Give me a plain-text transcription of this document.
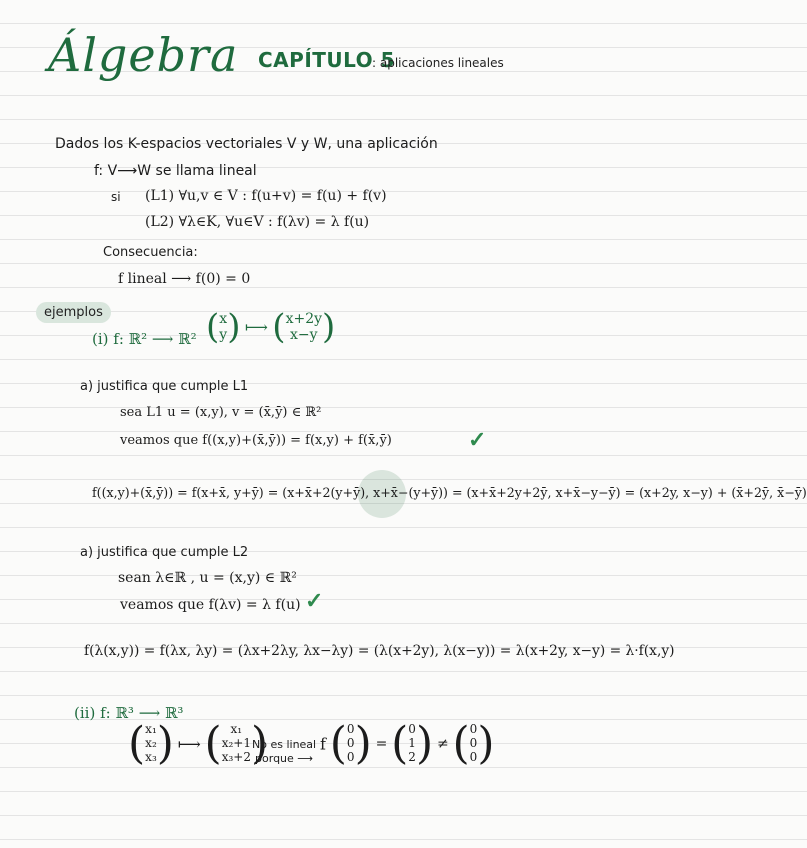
Álgebra CAPÍTULO 5
: aplicaciones lineales
Dados los K-espacios vectoriales V y W, una aplicación
f: V⟶W se llama lineal
si (L1) ∀u,v ∈ V : f(u+v) = f(u) + f(v)
(L2) ∀λ∈K, ∀u∈V : f(λv) = λ f(u)
Consecuencia:
f lineal ⟶ f(0) = 0
ejemplos
(i) f: ℝ² ⟶ ℝ² ( x
y ) ⟼ ( x+2y
x−y )
a) justifica que cumple L1
sea L1 u = (x,y), v = (x̄,ȳ) ∈ ℝ²
veamos que f((x,y)+(x̄,ȳ)) = f(x,y) + f(x̄,ȳ)	✓
f((x,y)+(x̄,ȳ)) = f(x+x̄, y+ȳ) = (x+x̄+2(y+ȳ), x+x̄−(y+ȳ)) = (x+x̄+2y+2ȳ, x+x̄−y−ȳ) = (x+2y, x−y) + (x̄+2ȳ, x̄−ȳ)
a) justifica que cumple L2
sean λ∈ℝ , u = (x,y) ∈ ℝ²
veamos que f(λv) = λ f(u) ✓
f(λ(x,y)) = f(λx, λy) = (λx+2λy, λx−λy) = (λ(x+2y), λ(x−y)) = λ(x+2y, x−y) = λ·f(x,y)
(ii) f: ℝ³ ⟶ ℝ³
( x₁
x₂
x₃ ) ⟼ ( x₁
x₂+1
x₃+2 )
No es lineal
porque ⟶
f ( 0
0
0 ) = ( 0
1
2 ) ≠ ( 0
0
0 )
